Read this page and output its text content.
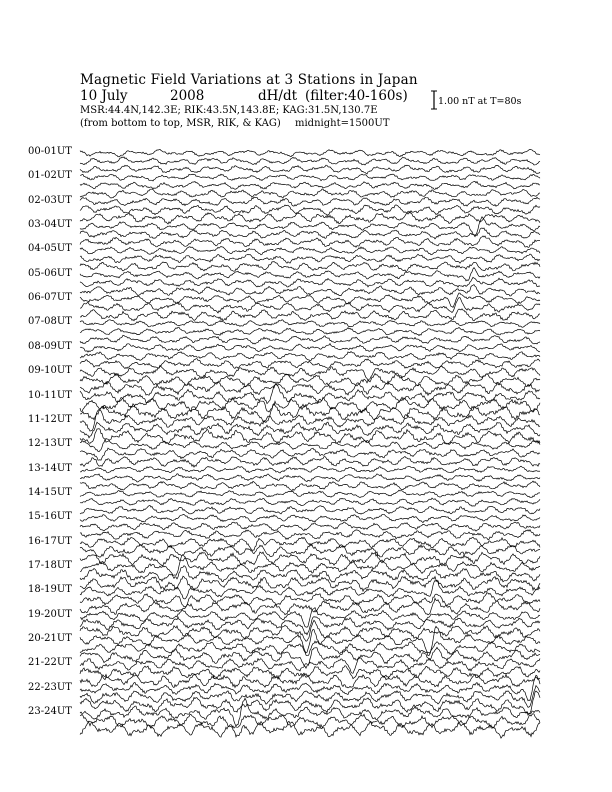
Magnetic Field Variations at 3 Stations in Japan
10 July	2008	dH/dt (filter:40-160s)
MSR:44.4N,142.3E; RIK:43.5N,143.8E; KAG:31.5N,130.7E
(from bottom to top, MSR, RIK, & KAG) midnight=1500UT
1.00 nT at T=80s
00-01UT
01-02UT
02-03UT
03-04UT
04-05UT
05-06UT
06-07UT
07-08UT
08-09UT
09-10UT
10-11UT
11-12UT
12-13UT
13-14UT
14-15UT
15-16UT
16-17UT
17-18UT
18-19UT
19-20UT
20-21UT
21-22UT
22-23UT
23-24UT
